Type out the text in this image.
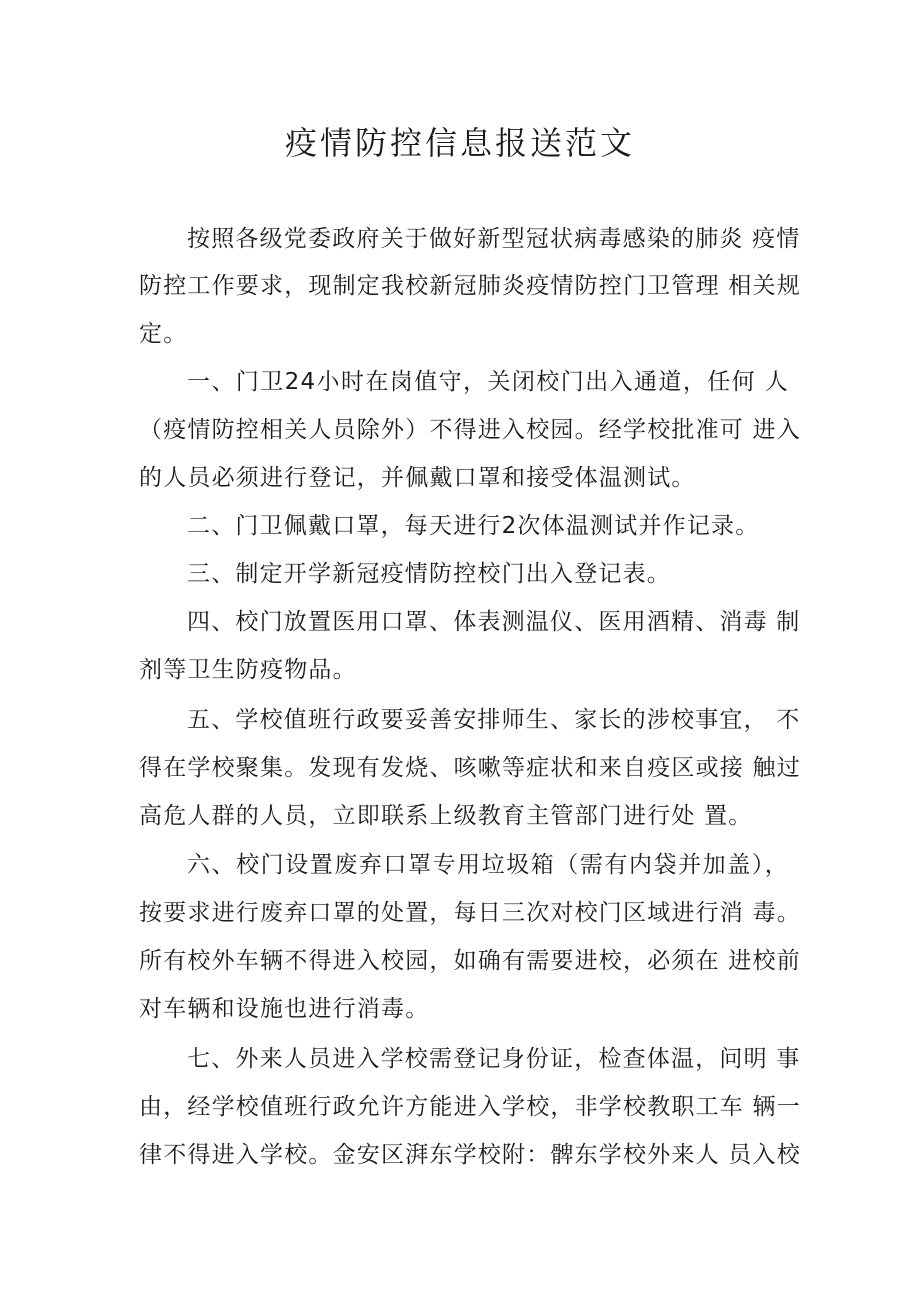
疫情防控信息报送范文

按照各级党委政府关于做好新型冠状病毒感染的肺炎 疫情

防控工作要求，现制定我校新冠肺炎疫情防控门卫管理 相关规

定。

一、门卫24小时在岗值守，关闭校门出入通道，任何 人

（疫情防控相关人员除外）不得进入校园。经学校批准可 进入

的人员必须进行登记，并佩戴口罩和接受体温测试。

二、门卫佩戴口罩，每天进行2次体温测试并作记录。

三、制定开学新冠疫情防控校门出入登记表。

四、校门放置医用口罩、体表测温仪、医用酒精、消毒 制

剂等卫生防疫物品。

五、学校值班行政要妥善安排师生、家长的涉校事宜， 不

得在学校聚集。发现有发烧、咳嗽等症状和来自疫区或接 触过

高危人群的人员，立即联系上级教育主管部门进行处 置。

六、校门设置废弃口罩专用垃圾箱（需有内袋并加盖），

按要求进行废弃口罩的处置，每日三次对校门区域进行消 毒。

所有校外车辆不得进入校园，如确有需要进校，必须在 进校前

对车辆和设施也进行消毒。

七、外来人员进入学校需登记身份证，检查体温，问明 事

由，经学校值班行政允许方能进入学校，非学校教职工车 辆一

律不得进入学校。金安区湃东学校附：髀东学校外来人 员入校
